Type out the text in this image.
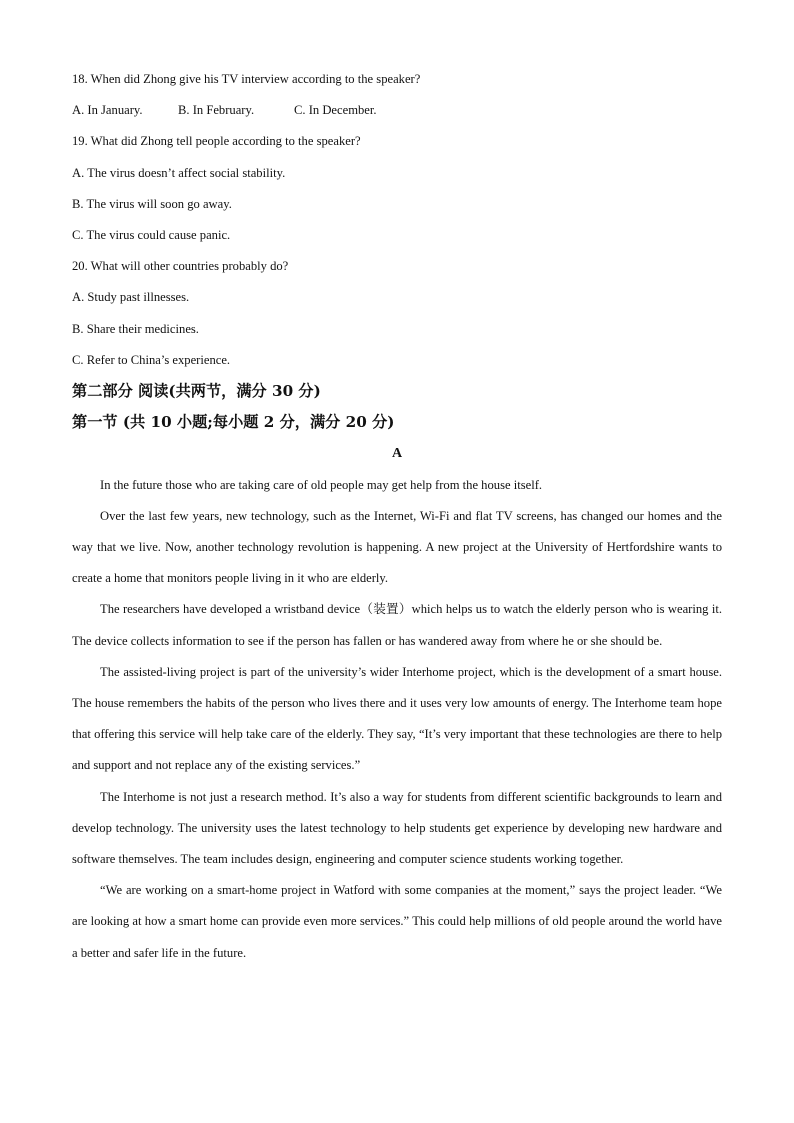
18. When did Zhong give his TV interview according to the speaker?

A. In January.	B. In February.	C. In December.

19. What did Zhong tell people according to the speaker?

A. The virus doesn’t affect social stability.

B. The virus will soon go away.

C. The virus could cause panic.

20. What will other countries probably do?

A. Study past illnesses.

B. Share their medicines.

C. Refer to China’s experience.

第二部分 阅读(共两节，满分 30 分)

第一节 (共 10 小题;每小题 2 分，满分 20 分)

A

In the future those who are taking care of old people may get help from the house itself.

Over the last few years, new technology, such as the Internet, Wi-Fi and flat TV screens, has changed our homes and the way that we live. Now, another technology revolution is happening. A new project at the University of Hertfordshire wants to create a home that monitors people living in it who are elderly.

The researchers have developed a wristband device（装置）which helps us to watch the elderly person who is wearing it. The device collects information to see if the person has fallen or has wandered away from where he or she should be.

The assisted-living project is part of the university’s wider Interhome project, which is the development of a smart house. The house remembers the habits of the person who lives there and it uses very low amounts of energy. The Interhome team hope that offering this service will help take care of the elderly. They say, “It’s very important that these technologies are there to help and support and not replace any of the existing services.”

The Interhome is not just a research method. It’s also a way for students from different scientific backgrounds to learn and develop technology. The university uses the latest technology to help students get experience by developing new hardware and software themselves. The team includes design, engineering and computer science students working together.

“We are working on a smart-home project in Watford with some companies at the moment,” says the project leader. “We are looking at how a smart home can provide even more services.” This could help millions of old people around the world have a better and safer life in the future.
